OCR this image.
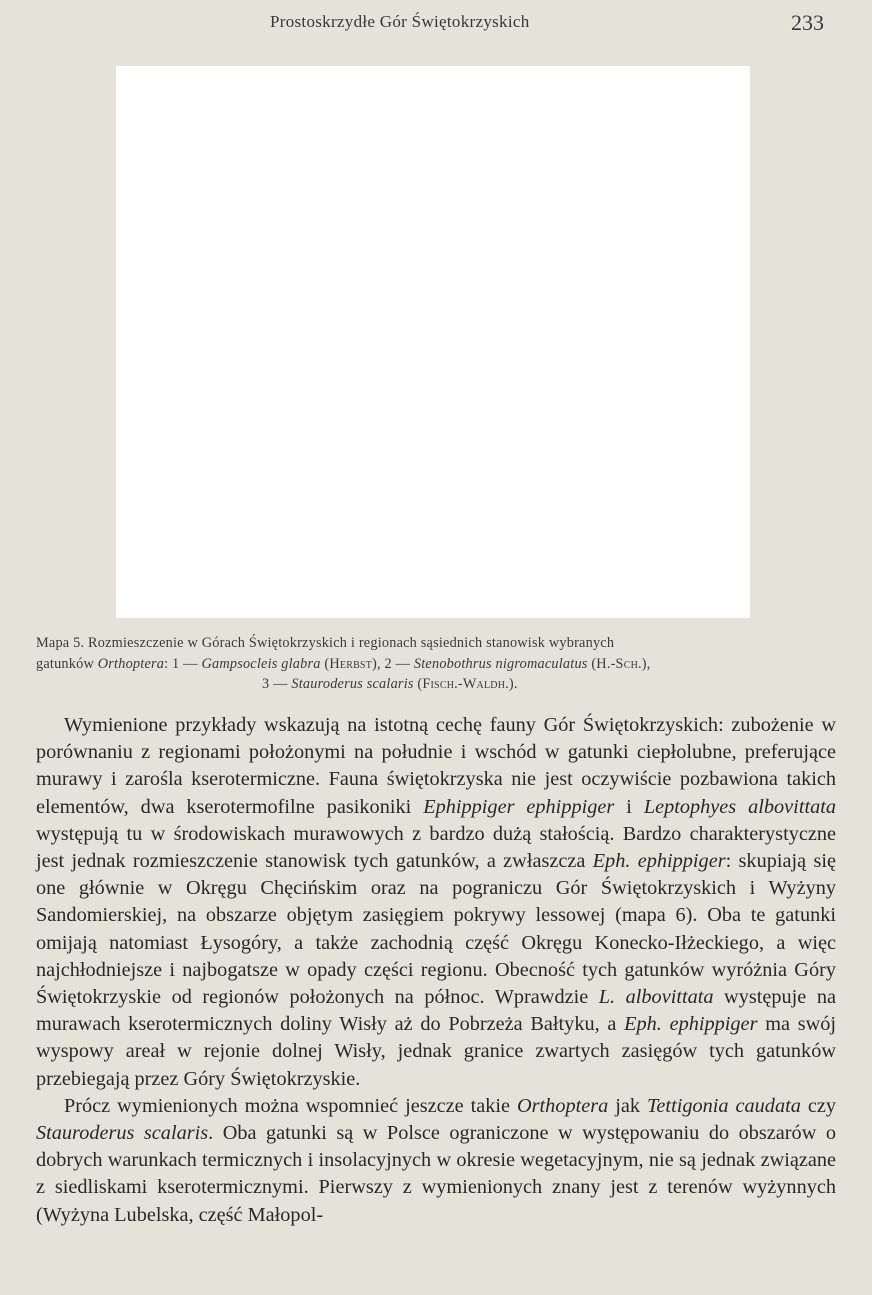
Prostoskrzydłe Gór Świętokrzyskich	233
Mapa 5. Rozmieszczenie w Górach Świętokrzyskich i regionach sąsiednich stanowisk wybranych
gatunków Orthoptera: 1 — Gampsocleis glabra (Herbst), 2 — Stenobothrus nigromaculatus (H.-Sch.),
3 — Stauroderus scalaris (Fisch.-Waldh.).

Wymienione przykłady wskazują na istotną cechę fauny Gór Świętokrzyskich: zubożenie w porównaniu z regionami położonymi na południe i wschód w gatunki ciepłolubne, preferujące murawy i zarośla kserotermiczne. Fauna świętokrzyska nie jest oczywiście pozbawiona takich elementów, dwa kserotermofilne pasikoniki Ephippiger ephippiger i Leptophyes albovittata występują tu w środowiskach murawowych z bardzo dużą stałością. Bardzo charakterystyczne jest jednak rozmieszczenie stanowisk tych gatunków, a zwłaszcza Eph. ephippiger: skupiają się one głównie w Okręgu Chęcińskim oraz na pograniczu Gór Świętokrzyskich i Wyżyny Sandomierskiej, na obszarze objętym zasięgiem pokrywy lessowej (mapa 6). Oba te gatunki omijają natomiast Łysogóry, a także zachodnią część Okręgu Konecko-Iłżeckiego, a więc najchłodniejsze i najbogatsze w opady części regionu. Obecność tych gatunków wyróżnia Góry Świętokrzyskie od regionów położonych na północ. Wprawdzie L. albovittata występuje na murawach kserotermicznych doliny Wisły aż do Pobrzeża Bałtyku, a Eph. ephippiger ma swój wyspowy areał w rejonie dolnej Wisły, jednak granice zwartych zasięgów tych gatunków przebiegają przez Góry Świętokrzyskie.

Prócz wymienionych można wspomnieć jeszcze takie Orthoptera jak Tettigonia caudata czy Stauroderus scalaris. Oba gatunki są w Polsce ograniczone w występowaniu do obszarów o dobrych warunkach termicznych i insolacyjnych w okresie wegetacyjnym, nie są jednak związane z siedliskami kserotermicznymi. Pierwszy z wymienionych znany jest z terenów wyżynnych (Wyżyna Lubelska, część Małopol-
